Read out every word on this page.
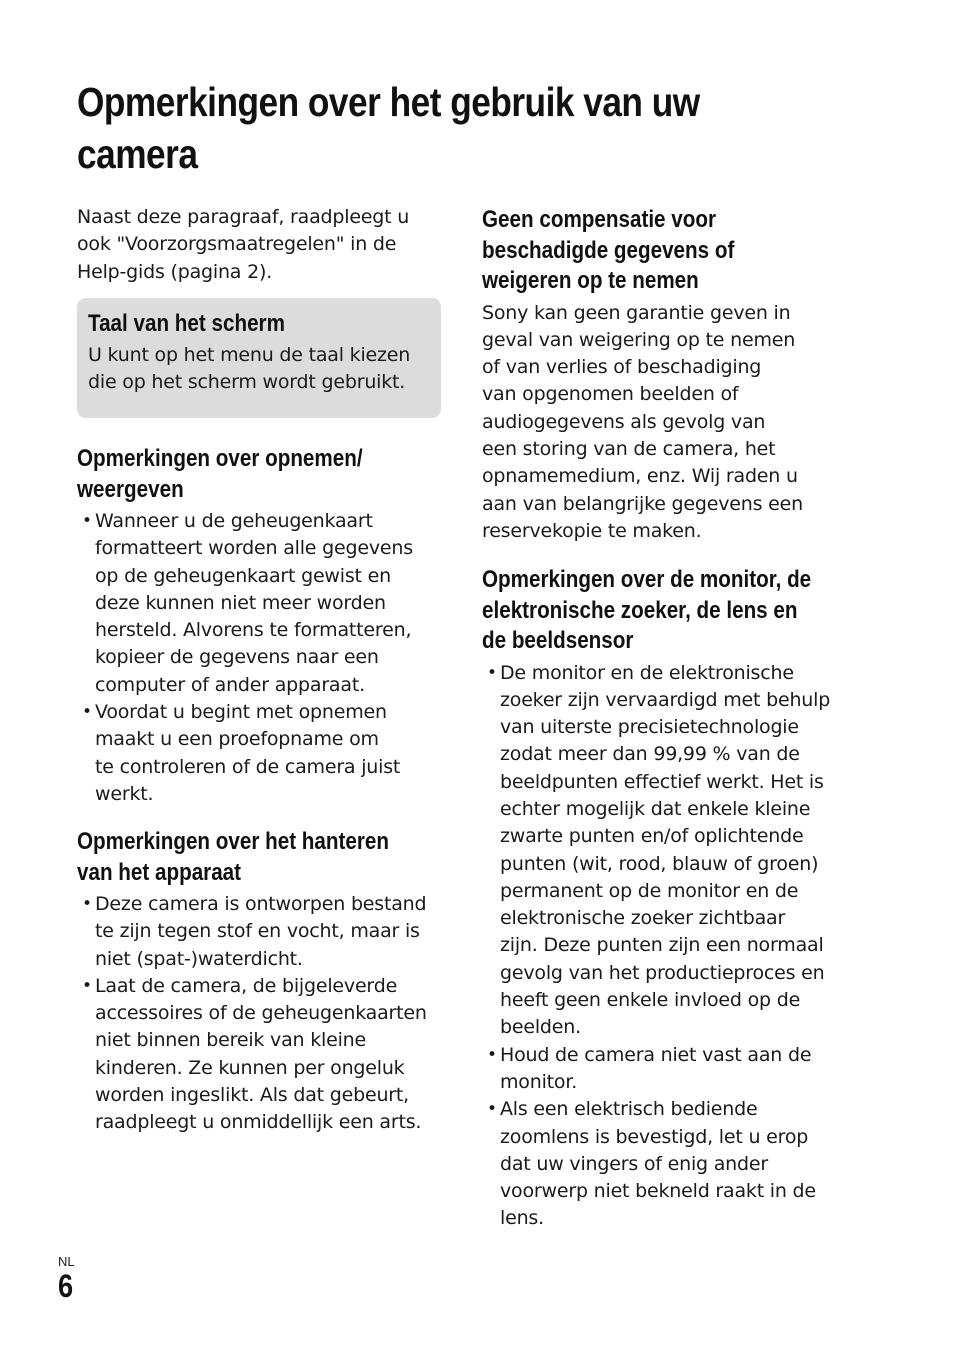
Opmerkingen over het gebruik van uw
camera

Naast deze paragraaf, raadpleegt u
ook "Voorzorgsmaatregelen" in de
Help-gids (pagina 2).

Taal van het scherm

U kunt op het menu de taal kiezen
die op het scherm wordt gebruikt.

Opmerkingen over opnemen/
weergeven
• Wanneer u de geheugenkaart
formatteert worden alle gegevens
op de geheugenkaart gewist en
deze kunnen niet meer worden
hersteld. Alvorens te formatteren,
kopieer de gegevens naar een
computer of ander apparaat.
• Voordat u begint met opnemen
maakt u een proefopname om
te controleren of de camera juist
werkt.
Opmerkingen over het hanteren
van het apparaat
• Deze camera is ontworpen bestand
te zijn tegen stof en vocht, maar is
niet (spat-)waterdicht.
• Laat de camera, de bijgeleverde
accessoires of de geheugenkaarten
niet binnen bereik van kleine
kinderen. Ze kunnen per ongeluk
worden ingeslikt. Als dat gebeurt,
raadpleegt u onmiddellijk een arts.
Geen compensatie voor
beschadigde gegevens of
weigeren op te nemen

Sony kan geen garantie geven in
geval van weigering op te nemen
of van verlies of beschadiging
van opgenomen beelden of
audiogegevens als gevolg van
een storing van de camera, het
opnamemedium, enz. Wij raden u
aan van belangrijke gegevens een
reservekopie te maken.

Opmerkingen over de monitor, de
elektronische zoeker, de lens en
de beeldsensor
• De monitor en de elektronische
zoeker zijn vervaardigd met behulp
van uiterste precisietechnologie
zodat meer dan 99,99 % van de
beeldpunten effectief werkt. Het is
echter mogelijk dat enkele kleine
zwarte punten en/of oplichtende
punten (wit, rood, blauw of groen)
permanent op de monitor en de
elektronische zoeker zichtbaar
zijn. Deze punten zijn een normaal
gevolg van het productieproces en
heeft geen enkele invloed op de
beelden.
• Houd de camera niet vast aan de
monitor.
• Als een elektrisch bediende
zoomlens is bevestigd, let u erop
dat uw vingers of enig ander
voorwerp niet bekneld raakt in de
lens.
NL
6
